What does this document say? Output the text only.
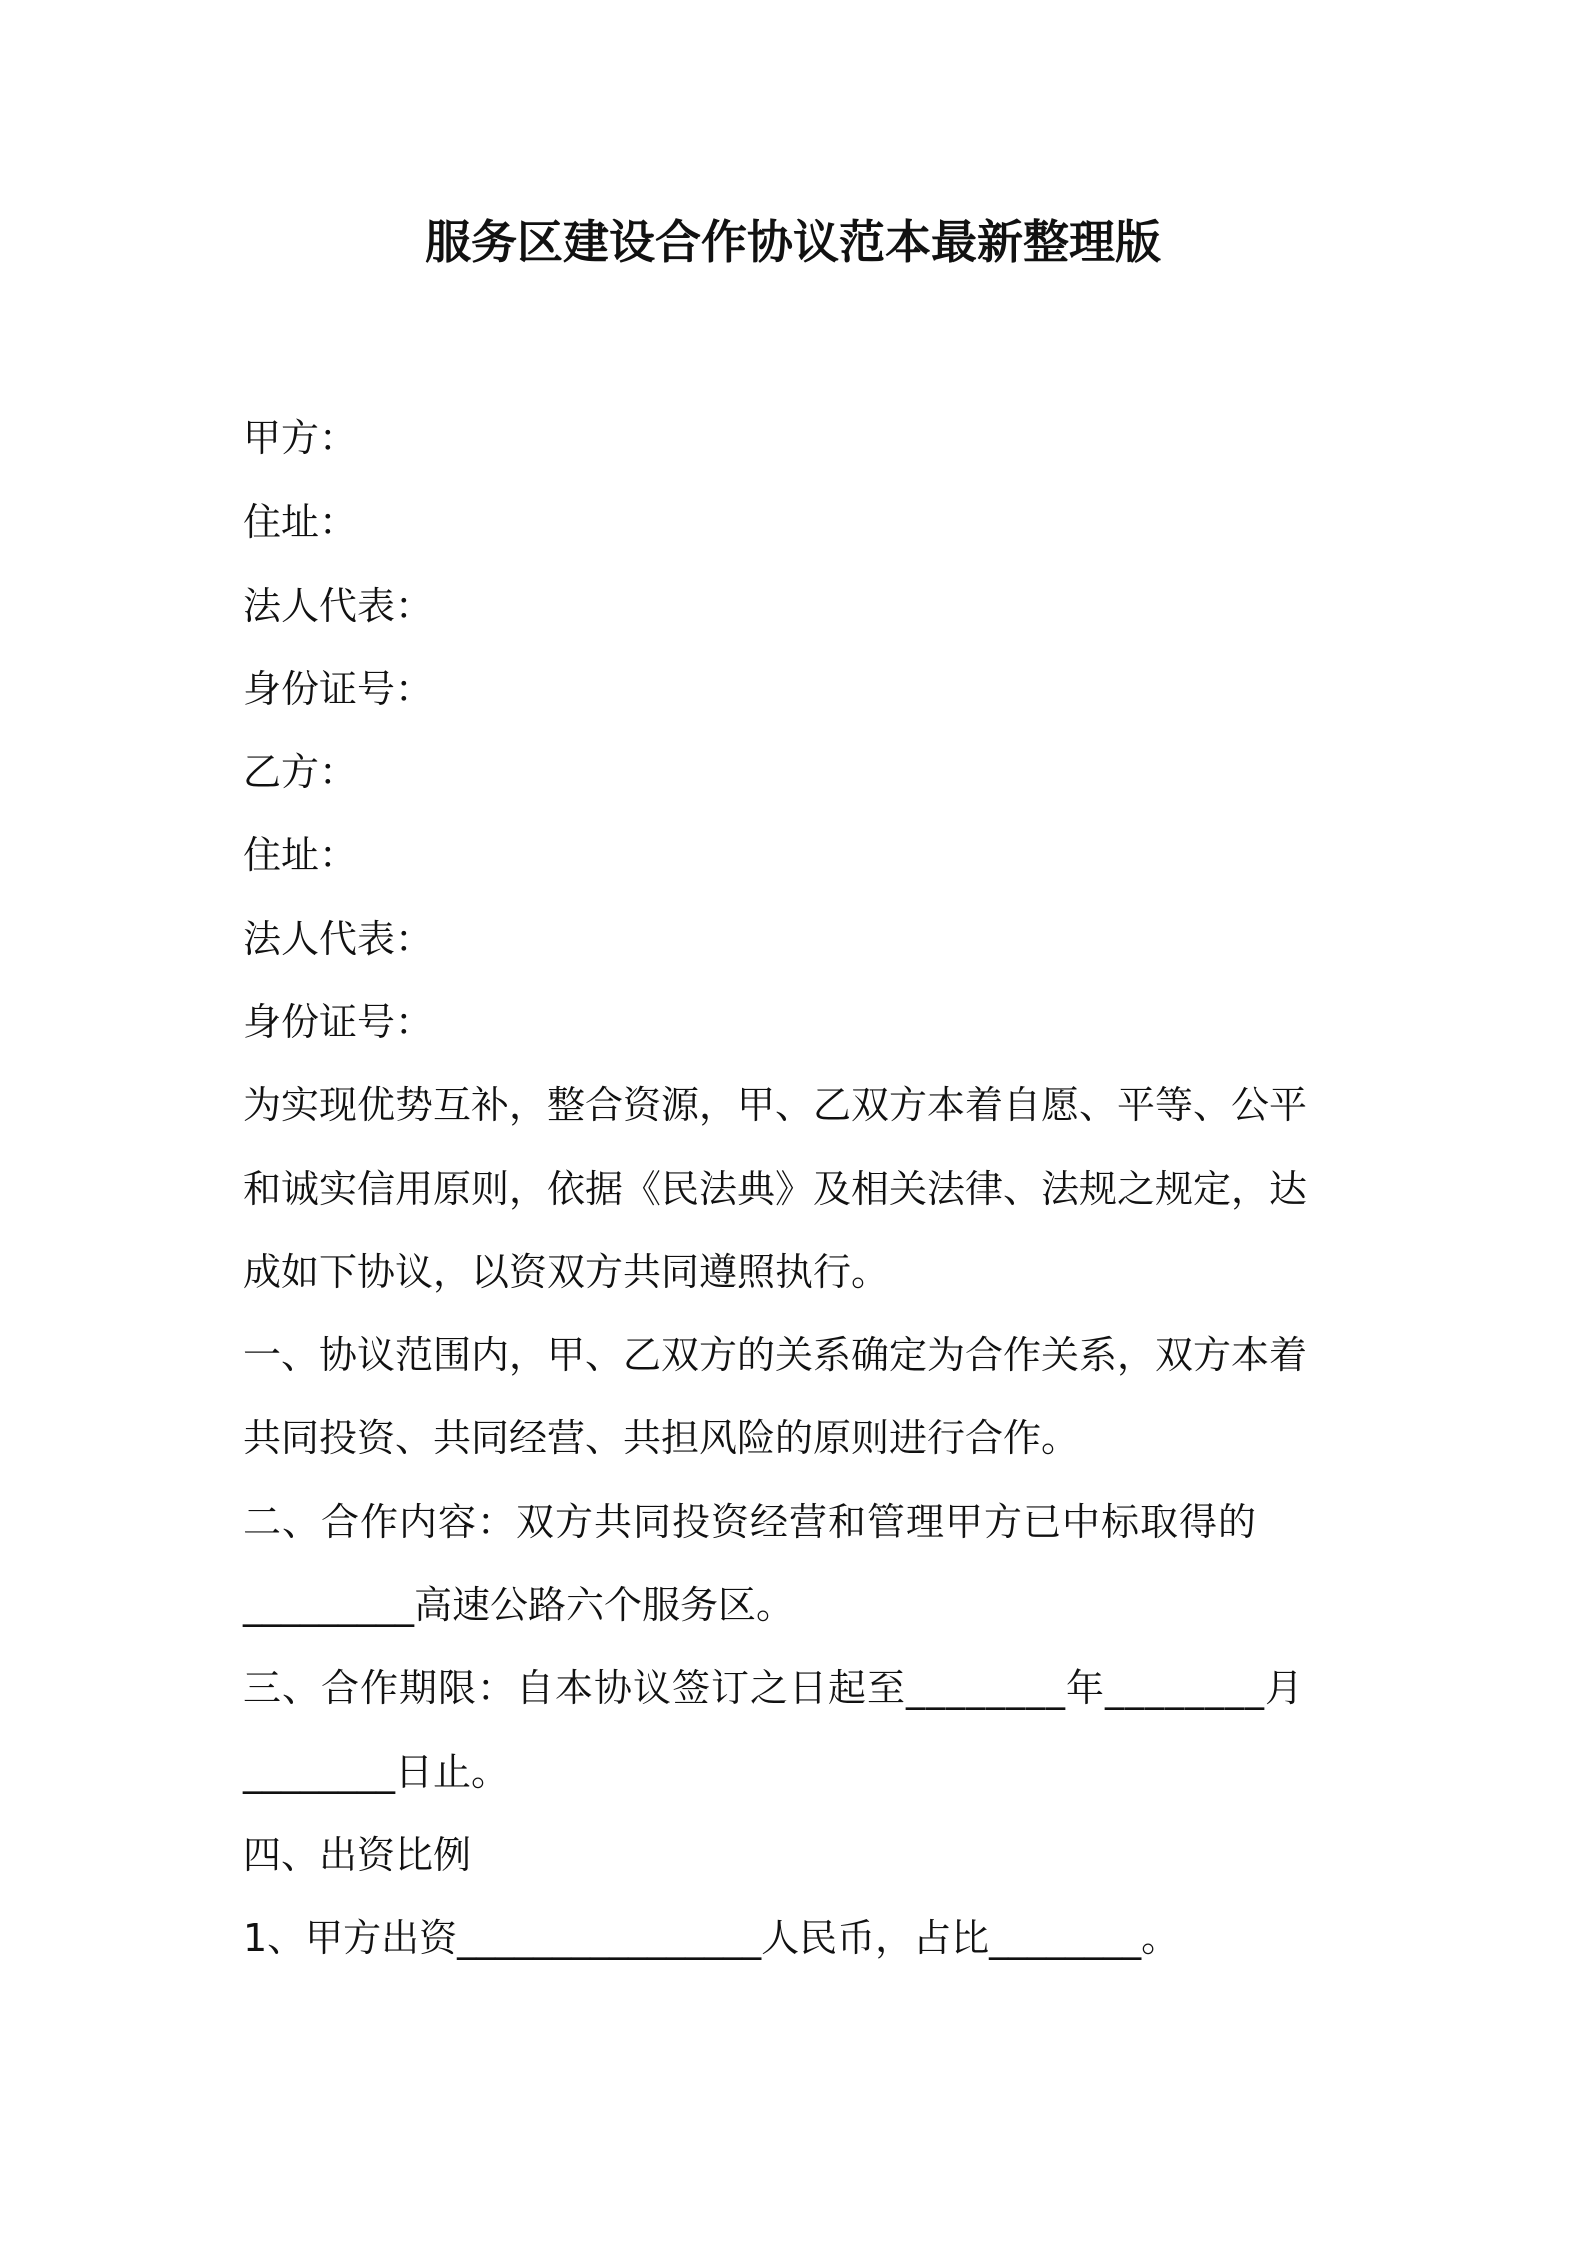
服务区建设合作协议范本最新整理版
甲方：
住址：
法人代表：
身份证号：
乙方：
住址：
法人代表：
身份证号：
为实现优势互补，整合资源，甲、乙双方本着自愿、平等、公平
和诚实信用原则，依据《民法典》及相关法律、法规之规定，达
成如下协议，以资双方共同遵照执行。
一、协议范围内，甲、乙双方的关系确定为合作关系，双方本着
共同投资、共同经营、共担风险的原则进行合作。
二、合作内容：双方共同投资经营和管理甲方已中标取得的
_________高速公路六个服务区。
三、合作期限：自本协议签订之日起至________年________月
________日止。
四、出资比例
1、甲方出资________________人民币，占比________。
